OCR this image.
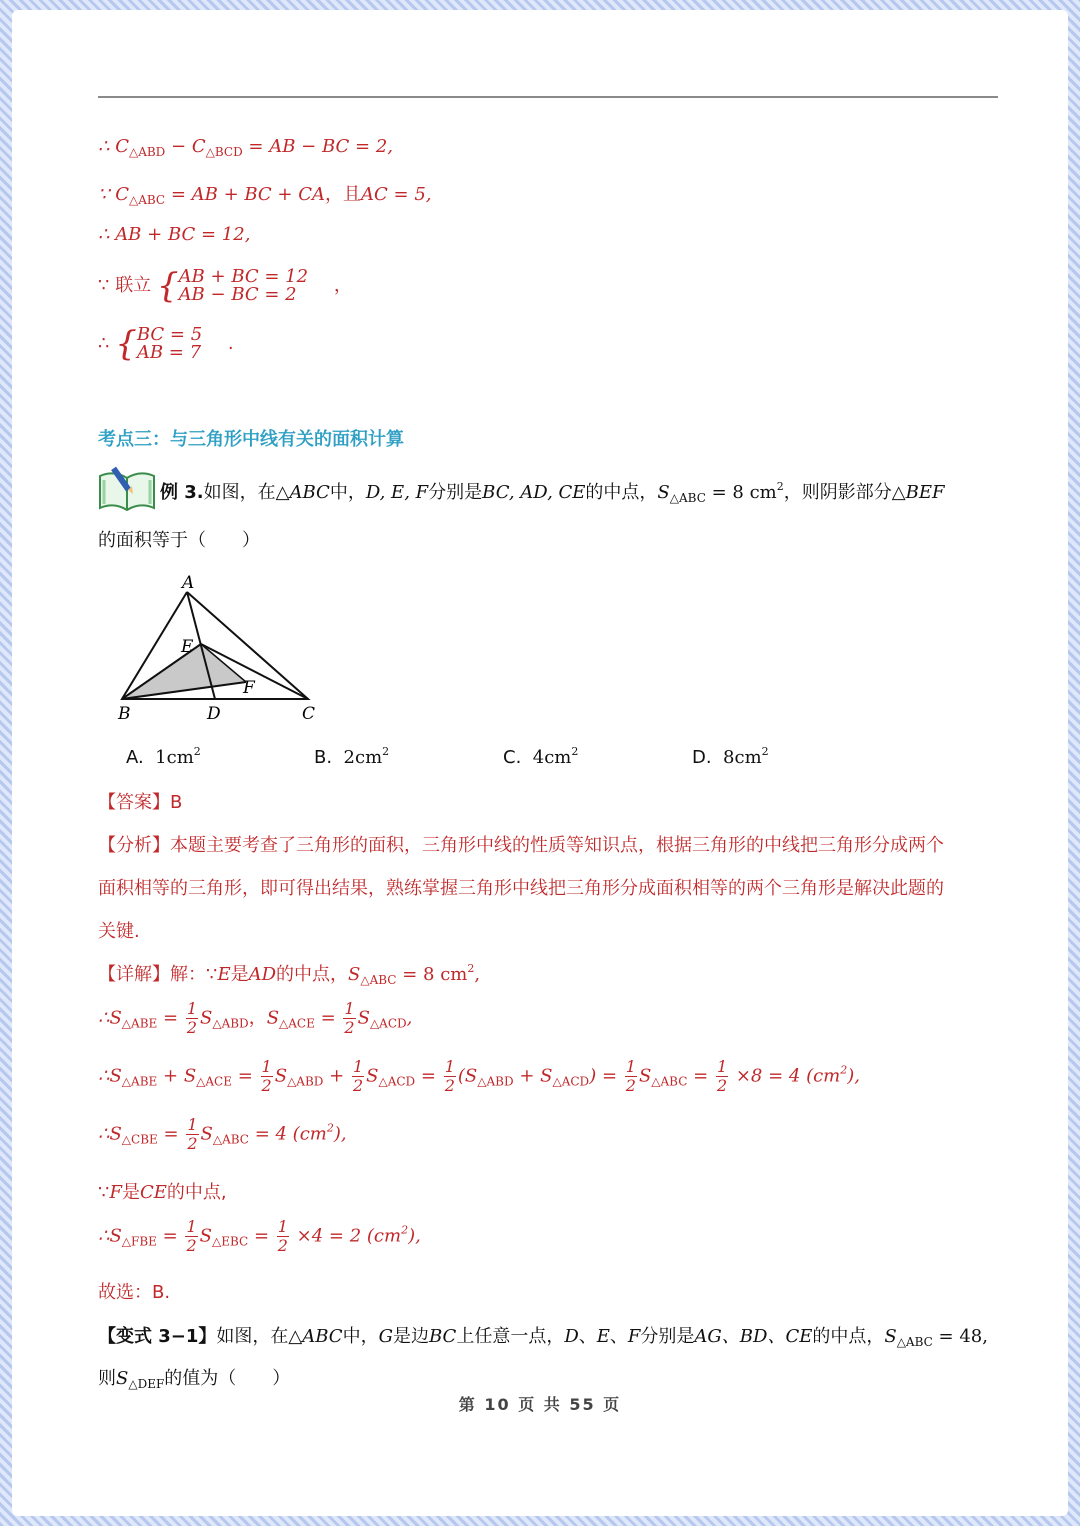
∴ $C_{\triangle ABD} - C_{\triangle BCD}$ = AB − BC = 2,
∵ $C_{\triangle ABC}$ = AB + BC + CA，且AC = 5,
∴ AB + BC = 12,
∵ 联立 {AB + BC = 12
AB − BC = 2 ，
∴ {BC = 5
AB = 7 .
考点三：与三角形中线有关的面积计算
例 3.如图，在△ABC中，D, E, F分别是BC, AD, CE的中点，$S_{\triangle ABC} = 8$ $cm^2$，则阴影部分△BEF
的面积等于（　　）
A
B	C
D
E
F
A. $1cm^2$	B. $2cm^2$	C. $4cm^2$	D. $8cm^2$
【答案】B
【分析】本题主要考查了三角形的面积，三角形中线的性质等知识点，根据三角形的中线把三角形分成两个
面积相等的三角形，即可得出结果，熟练掌握三角形中线把三角形分成面积相等的两个三角形是解决此题的
关键.
【详解】解：∵E是AD的中点，$S_{\triangle ABC} = 8$ $cm^2$,
$\therefore S_{\triangle ABE} = \frac{1}{2} S_{\triangle ABD}$，$S_{\triangle ACE} = \frac{1}{2} S_{\triangle ACD}$,
$\therefore S_{\triangle ABE} + S_{\triangle ACE} = \frac{1}{2} S_{\triangle ABD} + \frac{1}{2} S_{\triangle ACD} = \frac{1}{2} (S_{\triangle ABD} + S_{\triangle ACD}) = \frac{1}{2} S_{\triangle ABC} = \frac{1}{2} \times 8 = 4$ $(cm^2)$,
$\therefore S_{\triangle CBE} = \frac{1}{2} S_{\triangle ABC} = 4$ $(cm^2)$,
∵F是CE的中点,
$\therefore S_{\triangle FBE} = \frac{1}{2} S_{\triangle EBC} = \frac{1}{2} \times 4 = 2$ $(cm^2)$,
故选：B.
【变式 3−1】如图，在△ABC中，G是边BC上任意一点，D、E、F分别是AG、BD、CE的中点，$S_{\triangle ABC} = 48$,
则$S_{\triangle DEF}$的值为（　　）
第 10 页 共 55 页
